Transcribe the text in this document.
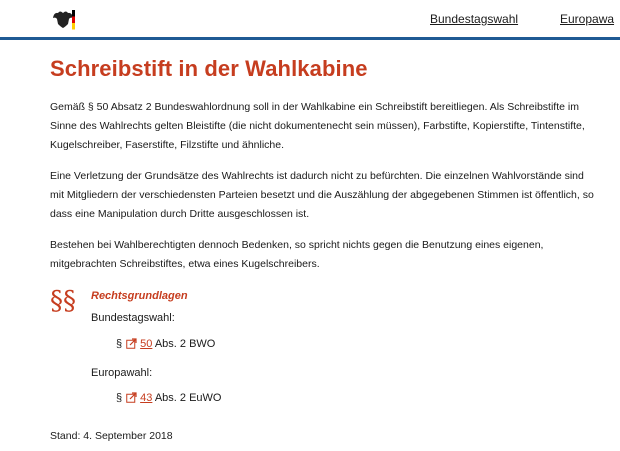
Bundestagswahl	Europawa
Schreibstift in der Wahlkabine

Gemäß § 50 Absatz 2 Bundeswahlordnung soll in der Wahlkabine ein Schreibstift bereitliegen. Als Schreibstifte im Sinne des Wahlrechts gelten Bleistifte (die nicht dokumentenecht sein müssen), Farbstifte, Kopierstifte, Tintenstifte, Kugelschreiber, Faserstifte, Filzstifte und ähnliche.

Eine Verletzung der Grundsätze des Wahlrechts ist dadurch nicht zu befürchten. Die einzelnen Wahlvorstände sind mit Mitgliedern der verschiedensten Parteien besetzt und die Auszählung der abgegebenen Stimmen ist öffentlich, so dass eine Manipulation durch Dritte ausgeschlossen ist.

Bestehen bei Wahlberechtigten dennoch Bedenken, so spricht nichts gegen die Benutzung eines eigenen, mitgebrachten Schreibstiftes, etwa eines Kugelschreibers.

§§ Rechtsgrundlagen
Bundestagswahl:
§ 50 Abs. 2 BWO
Europawahl:
§ 43 Abs. 2 EuWO
Stand: 4. September 2018
